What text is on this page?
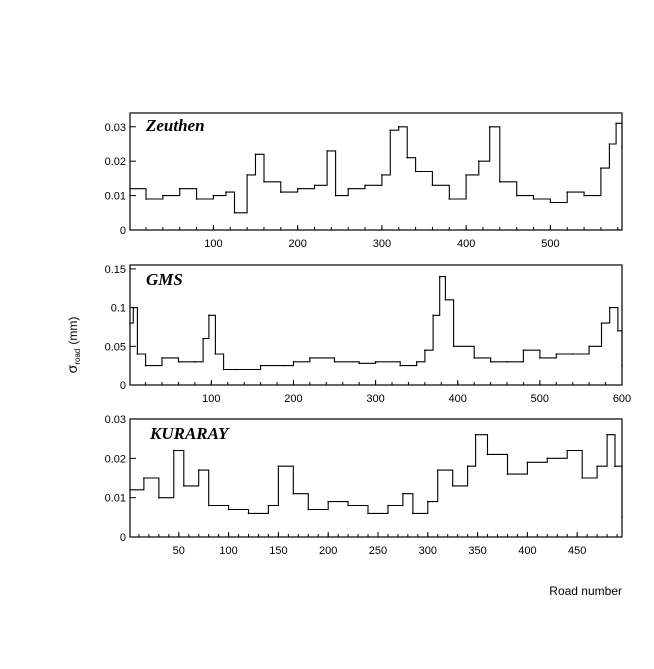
Zeuthen
100	200	300	400	500
0
0.01
0.02
0.03
GMS
100	200	300	400	500	600
0
0.05
0.1
0.15
KURARAY
50	100	150	200	250	300	350	400	450
0
0.01
0.02
0.03
$\sigma_{road}(mm)$
Road number
